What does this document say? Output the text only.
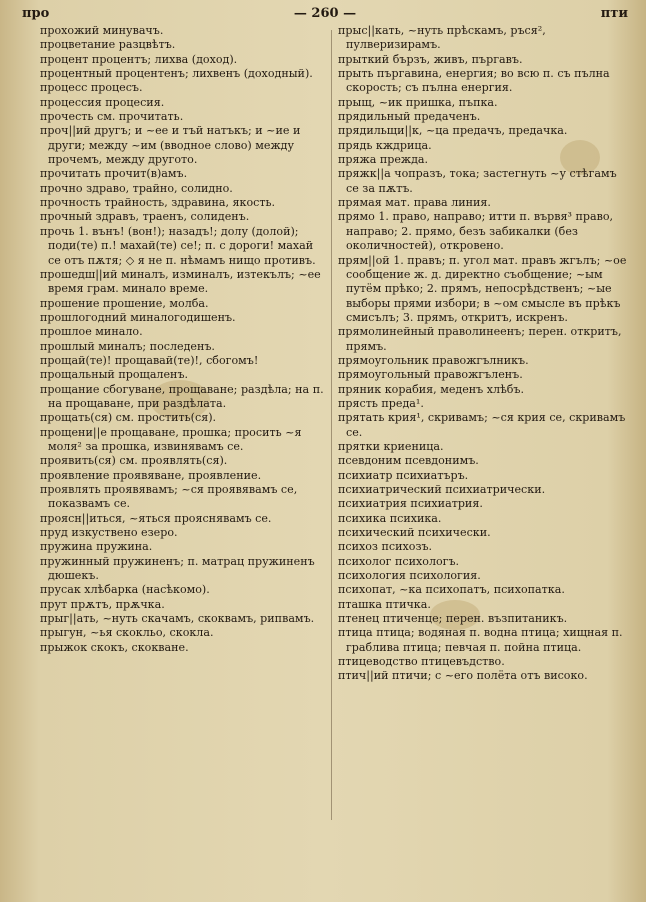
про	— 260 —	пти

прохожий минувачъ.

процветание разцвѣтъ.

процент процентъ; лихва (доход).

процентный процентенъ; лихвенъ (доходный).

процесс процесъ.

процессия процесия.

прочесть см. прочитать.

проч||ий другъ; и ~ее и тъй натъкъ; и ~ие и други; между ~им (вводное слово) между прочемъ, между другото.

прочитать прочит(в)амъ.

прочно здраво, трайно, солидно.

прочность трайность, здравина, якость.

прочный здравъ, траенъ, солиденъ.

прочь 1. вънъ! (вон!); назадъ!; долу (долой); поди(те) п.! махай(те) се!; п. с дороги! махай се отъ пѫтя; ◇ я не п. нѣмамъ нищо противъ.

прошедш||ий миналъ, изминалъ, изтекълъ; ~ее время грам. минало време.

прошение прошение, молба.

прошлогодний миналогодишенъ.

прошлое минало.

прошлый миналъ; последенъ.

прощай(те)! прощавай(те)!, сбогомъ!

прощальный прощаленъ.

прощание сбогуване, прощаване; раздѣла; на п. на прощаване, при раздѣлата.

прощать(ся) см. простить(ся).

прощени||е прощаване, прошка; просить ~я моля² за прошка, извинявамъ се.

проявить(ся) см. проявлять(ся).

проявление проявяване, проявление.

проявлять проявявамъ; ~ся проявявамъ се, показвамъ се.

проясн||иться, ~яться прояснявамъ се.

пруд изкуствено езеро.

пружина пружина.

пружинный пружиненъ; п. матрац пружиненъ дюшекъ.

прусак хлѣбарка (насѣкомо).

прут прѫтъ, прѫчка.

прыг||ать, ~нуть скачамъ, скоквамъ, рипвамъ.

прыгун, ~ья скокльо, скокла.

прыжок скокъ, скокване.

прыс||кать, ~нуть прѣскамъ, ръся², пулверизирамъ.

прыткий бързъ, живъ, пъргавъ.

прыть пъргавина, енергия; во всю п. съ пълна скорость; съ пълна енергия.

прыщ, ~ик пришка, пъпка.

прядильный предаченъ.

прядильщи||к, ~ца предачъ, предачка.

прядь кждрица.

пряжа прежда.

пряжк||а чопразъ, тока; застегнуть ~у стѣгамъ се за пѫтъ.

прямая мат. права линия.

прямо 1. право, направо; итти п. вървя³ право, направо; 2. прямо, безъ забикалки (без околичностей), откровено.

прям||ой 1. правъ; п. угол мат. правъ жгълъ; ~ое сообщение ж. д. директно съобщение; ~ым путём прѣко; 2. прямъ, непосрѣдственъ; ~ые выборы прями избори; в ~ом смысле въ прѣкъ смисълъ; 3. прямъ, откритъ, искренъ.

прямолинейный праволинеенъ; перен. откритъ, прямъ.

прямоугольник правожгълникъ.

прямоугольный правожгъленъ.

пряник корабия, меденъ хлѣбъ.

прясть преда¹.

прятать крия¹, скривамъ; ~ся крия се, скривамъ се.

прятки криеница.

псевдоним псевдонимъ.

психиатр психиатъръ.

психиатрический психиатрически.

психиатрия психиатрия.

психика психика.

психический психически.

психоз психозъ.

психолог психологъ.

психология психология.

психопат, ~ка психопатъ, психопатка.

пташка птичка.

птенец птиченце; перен. възпитаникъ.

птица птица; водяная п. водна птица; хищная п. граблива птица; певчая п. пойна птица.

птицеводство птицевъдство.

птич||ий птичи; с ~его полёта отъ високо.
